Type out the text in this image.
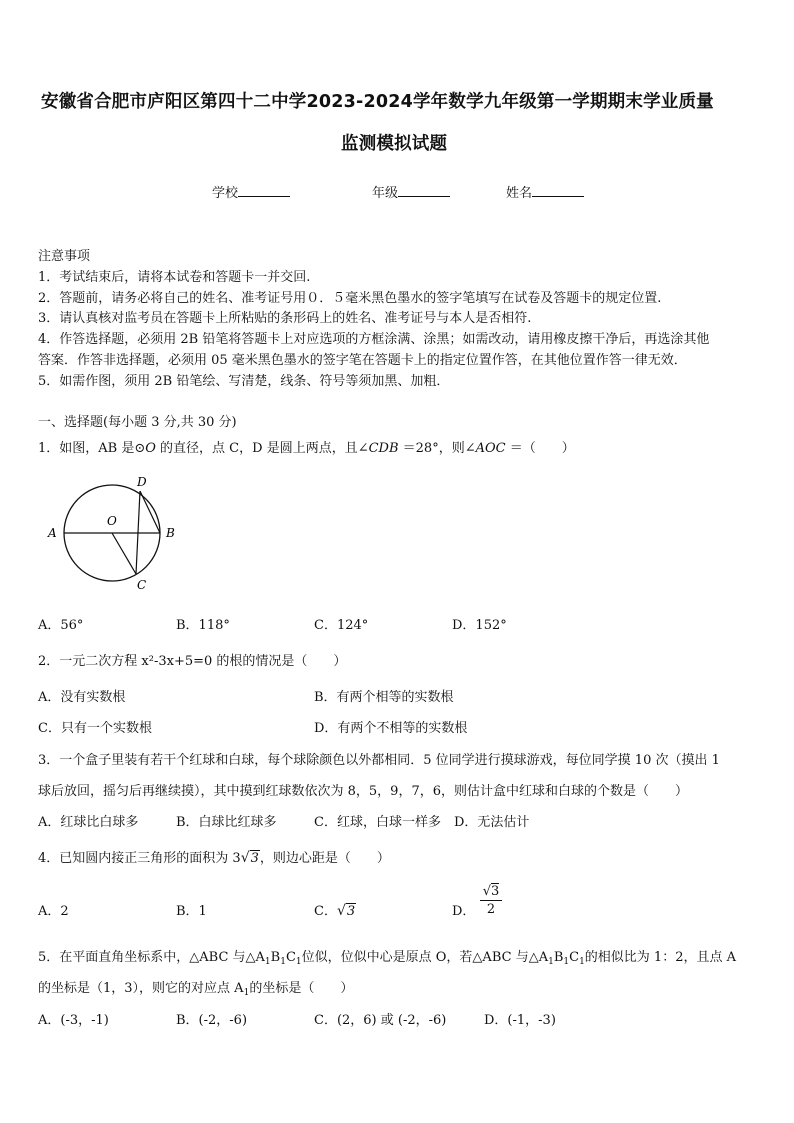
安徽省合肥市庐阳区第四十二中学2023-2024学年数学九年级第一学期期末学业质量
监测模拟试题
学校	年级	姓名
注意事项
1．考试结束后，请将本试卷和答题卡一并交回.
2．答题前，请务必将自己的姓名、准考证号用０．５毫米黑色墨水的签字笔填写在试卷及答题卡的规定位置.
3．请认真核对监考员在答题卡上所粘贴的条形码上的姓名、准考证号与本人是否相符.
4．作答选择题，必须用 2B 铅笔将答题卡上对应选项的方框涂满、涂黑；如需改动，请用橡皮擦干净后，再选涂其他
答案．作答非选择题，必须用 05 毫米黑色墨水的签字笔在答题卡上的指定位置作答，在其他位置作答一律无效．
5．如需作图，须用 2B 铅笔绘、写清楚，线条、符号等须加黑、加粗．
一、选择题(每小题 3 分,共 30 分)
1．如图，AB 是⊙O 的直径，点 C，D 是圆上两点，且∠CDB ＝28°，则∠AOC ＝（　　）
A	B
C
D
O
A．56°	B．118°	C．124°	D．152°
2．一元二次方程 x²-3x+5=0 的根的情况是（　　）
A．没有实数根	B．有两个相等的实数根
C．只有一个实数根	D．有两个不相等的实数根
3．一个盒子里装有若干个红球和白球，每个球除颜色以外都相同．5 位同学进行摸球游戏，每位同学摸 10 次（摸出 1
球后放回，摇匀后再继续摸），其中摸到红球数依次为 8，5，9，7，6，则估计盒中红球和白球的个数是（　　）
A．红球比白球多	B．白球比红球多	C．红球，白球一样多 D．无法估计
4．已知圆内接正三角形的面积为 3√3，则边心距是（　　）
A．2	B．1	C．√3	D． $\frac{√3}{2}$
5．在平面直角坐标系中，△ABC 与$\triangle A_1B_1C_1$位似，位似中心是原点 O，若△ABC 与$\triangle A_1B_1C_1$的相似比为 1：2，且点 A
的坐标是（1，3），则它的对应点 $A_1$的坐标是（　　）
A．(-3，-1)	B．(-2，-6)	C．(2，6) 或 (-2，-6)	D．(-1，-3)
